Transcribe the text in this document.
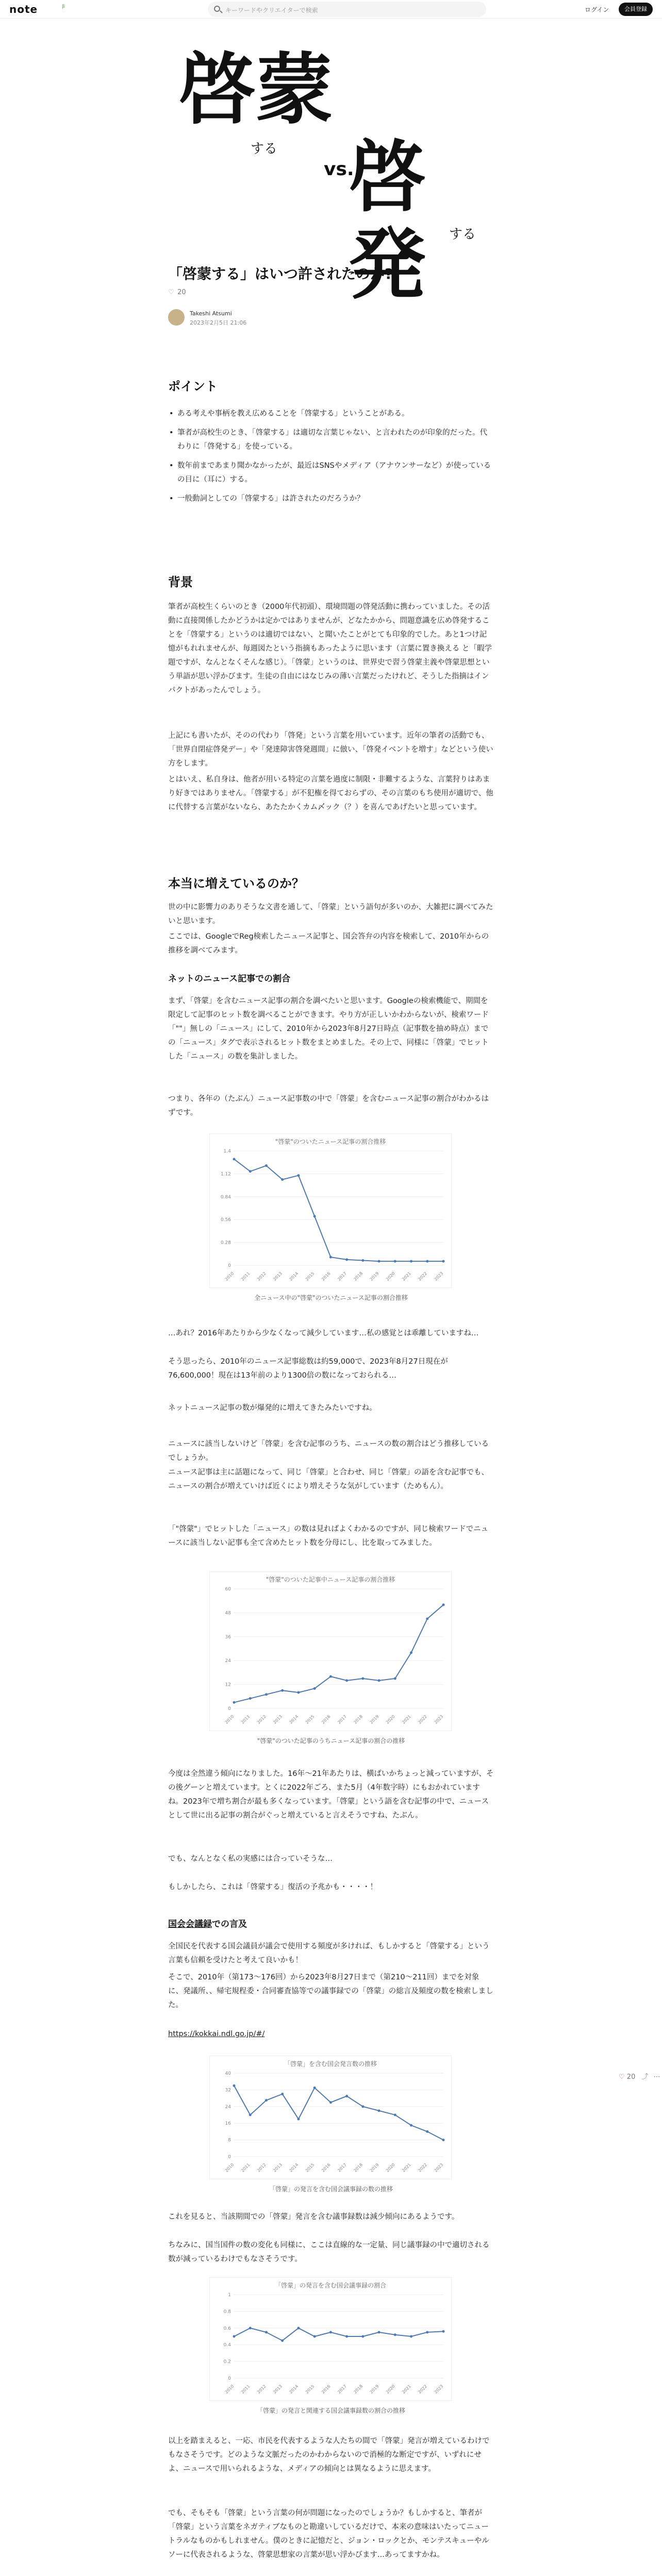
note	β	キーワードやクリエイターで検索	ログイン	会員登録
啓蒙
する
vs.
啓発	する
「啓蒙する」はいつ許されたのか?
♡ 20
Takeshi Atsumi
2023年2月5日 21:06
ポイント
• ある考えや事柄を教え広めることを「啓蒙する」ということがある。
• 筆者が高校生のとき、「啓蒙する」は適切な言葉じゃない、と言われたのが印象的だった。代わりに「啓発する」を使っている。
• 数年前まであまり聞かなかったが、最近はSNSやメディア（アナウンサーなど）が使っているの目に（耳に）する。
• 一般動詞としての「啓蒙する」は許されたのだろうか？
背景

筆者が高校生くらいのとき（2000年代初頭）、環境問題の啓発活動に携わっていました。その活動に直接関係したかどうかは定かではありませんが、どなたかから、問題意識を広め啓発することを「啓蒙する」というのは適切ではない、と聞いたことがとても印象的でした。あと1つけ記憶がもれれませんが、毎週図たという指摘もあったように思います（言葉に置き換える と「暇学題ですが、なんとなくそんな感じ）。「啓蒙」というのは、世界史で習う啓蒙主義や啓蒙思想という単語が思い浮かびます。生徒の自由にはなじみの薄い言葉だったけれど、そうした指摘はインパクトがあったんでしょう。

上記にも書いたが、そのの代わり「啓発」という言葉を用いています。近年の筆者の活動でも、「世界自閉症啓発デー」や「発達障害啓発週間」に倣い、「啓発イベントを増す」などという使い方をします。

とはいえ、私自身は、他者が用いる特定の言葉を過度に制限・非難するような、言葉狩りはあまり好きではありません。「啓蒙する」が不犯権を得ておらずの、その言葉のもち使用が適切で、他に代替する言葉がないなら、あたたかくカム〆ック（？）を喜んであげたいと思っています。

本当に増えているのか？

世の中に影響力のありそうな文書を通して、「啓蒙」という語句が多いのか、大雑把に調べてみたいと思います。

ここでは、GoogleでReg検索したニュース記事と、国会答弁の内容を検索して、2010年からの推移を調べてみます。

ネットのニュース記事での割合

まず、「啓蒙」を含むニュース記事の割合を調べたいと思います。Googleの検索機能で、期間を限定して記事のヒット数を調べることができます。やり方が正しいかわからないが、検索ワード「""」無しの「ニュース」にして、2010年から2023年8月27日時点（記事数を抽め時点）までの「ニュース」タグで表示されるヒット数をまとめました。その上で、同様に「啓蒙」でヒットした「ニュース」の数を集計しました。

つまり、各年の（たぶん）ニュース記事数の中で「啓蒙」を含むニュース記事の割合がわかるはずです。

"啓蒙"のついたニュース記事の割合推移
0
0.28
0.56
0.84
1.12
1.4
2010 2011 2012 2013 2014 2015 2016 2017 2018 2019 2020 2021 2022 2023
全ニュース中の"啓蒙"のついたニュース記事の割合推移

…あれ？2016年あたりから少なくなって減少しています…私の感覚とは乖離していますね…

そう思ったら、2010年のニュース記事総数は約59,000で、2023年8月27日現在が76,600,000！現在は13年前のより1300倍の数になっておられる…

ネットニュース記事の数が爆発的に増えてきたみたいですね。

ニュースに該当しないけど「啓蒙」を含む記事のうち、ニュースの数の割合はどう推移しているでしょうか。

ニュース記事は主に話題になって、同じ「啓蒙」と合わせ、同じ「啓蒙」の語を含む記事でも、ニュースの割合が増えていけば近くにより増えそうな気がしています（ためもん）。

「"啓蒙"」でヒットした「ニュース」の数は見ればよくわかるのですが、同じ検索ワードでニュースに該当しない記事も全て含めたヒット数を分母にし、比を取ってみました。

"啓蒙"のついた記事中ニュース記事の割合推移
0
12
24
36
48
60
2010 2011 2012 2013 2014 2015 2016 2017 2018 2019 2020 2021 2022 2023
"啓蒙"のついた記事のうちニュース記事の割合の推移

今度は全然違う傾向になりました。16年〜21年あたりは、横ばいかちょっと減っていますが、その後グーンと増えています。とくに2022年ごろ、また5月（4年数字時）にもおかれていますね。2023年で増ち割合が最も多くなっています。「啓蒙」という語を含む記事の中で、ニュースとして世に出る記事の割合がぐっと増えていると言えそうですね、たぶん。

でも、なんとなく私の実感には合っていそうな…

もしかしたら、これは「啓蒙する」復活の予兆かも・・・・！

国会会議録での言及

全国民を代表する国会議員が議会で使用する頻度が多ければ、もしかすると「啓蒙する」という言葉も信頼を受けたと考えて良いかも！

そこで、2010年（第173〜176回）から2023年8月27日まで（第210〜211回）までを対象に、発議所、、帰宅規程委・合同審査協等での議事録での「啓蒙」の総言及頻度の数を検索しました。

https://kokkai.ndl.go.jp/#/

「啓蒙」を含む国会発言数の推移
0
8
16
24
32
40
2010 2011 2012 2013 2014 2015 2016 2017 2018 2019 2020 2021 2022 2023
「啓蒙」の発言を含む国会議事録の数の推移

これを見ると、当該期間での「啓蒙」発言を含む議事録数は減少傾向にあるようです。

ちなみに、国当国件の数の変化も同様に、ここは直線的な一定量、同じ議事録の中で適切される数が減っているわけでもなさそうです。

「啓蒙」の発言を含む国会議事録の割合
0
0.2
0.4
0.6
0.8
1
2010 2011 2012 2013 2014 2015 2016 2017 2018 2019 2020 2021 2022 2023
「啓蒙」の発言と関連する国会議事録数の割合の推移

以上を踏まえると、一応、市民を代表するような人たちの間で「啓蒙」発言が増えているわけでもなさそうです。どのような文脈だったのかわからないので消極的な断定ですが、いずれにせよ、ニュースで用いられるような、メディアの傾向とは異なるように思えます。

でも、そもそも「啓蒙」という言葉の何が問題になったのでしょうか？もしかすると、筆者が「啓蒙」という言葉をネガティブなものと勘違いしているだけで、本来の意味はいたってニュートラルなものかもしれません。僕のときに記憶だと、ジョン・ロックとか、モンテスキューやルソーに代表されるような、啓蒙思想家の言葉が思い浮かびます...あってますかね。

♡ 20 ⤴ ⋯
